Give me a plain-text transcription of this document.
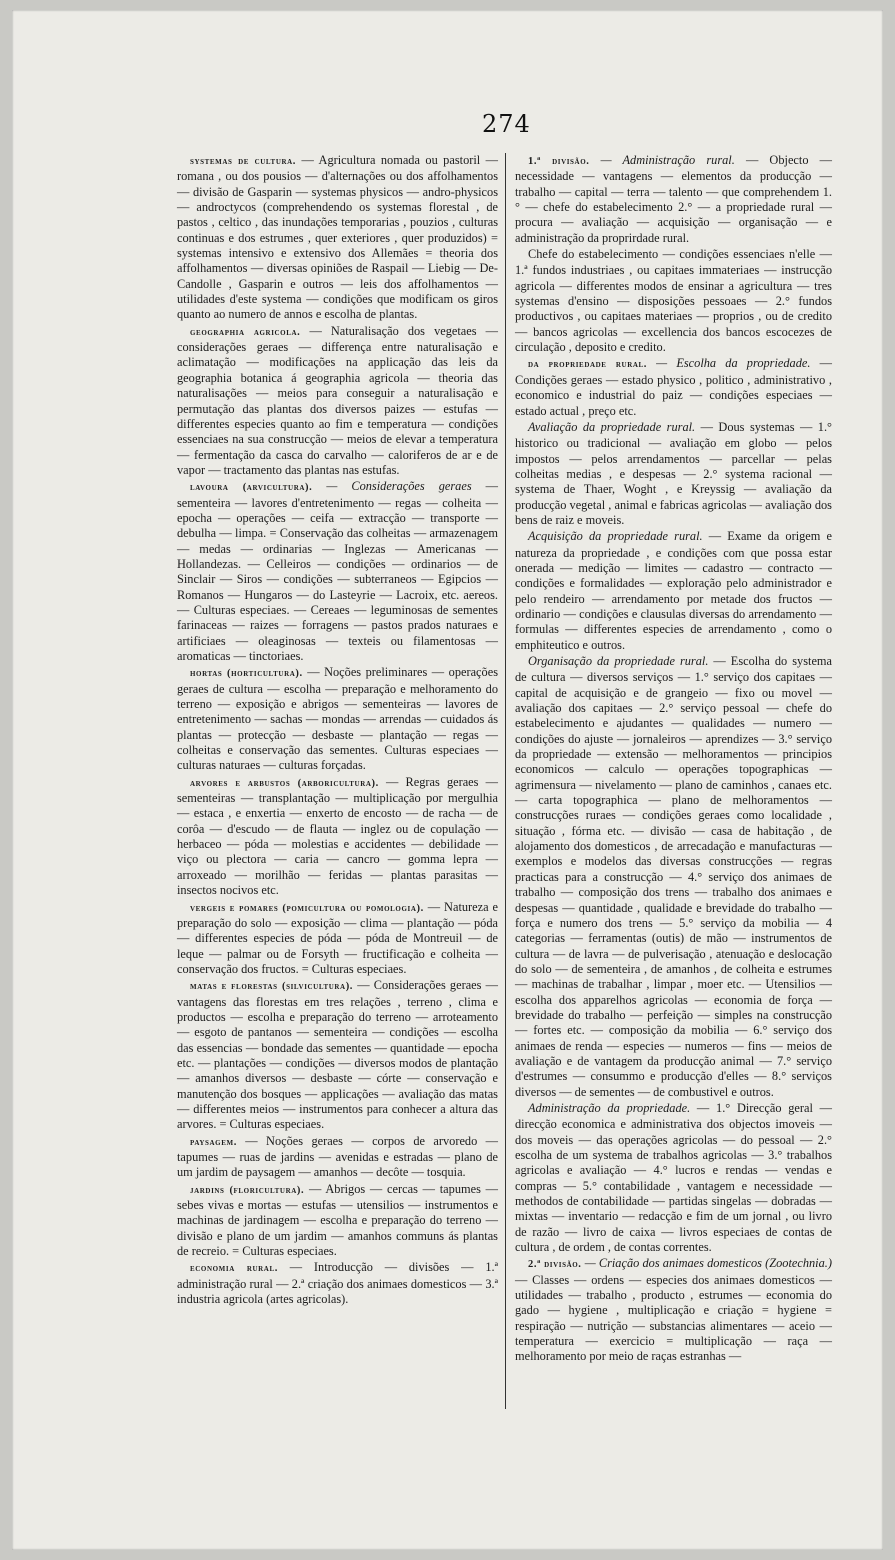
274

systemas de cultura. — Agricultura nomada ou pastoril — romana , ou dos pousios — d'alternações ou dos affolhamentos — divisão de Gasparin — systemas physicos — andro-physicos — androctycos (comprehendendo os systemas florestal , de pastos , celtico , das inundações temporarias , pouzios , culturas continuas e dos estrumes , quer exteriores , quer produzidos) = systemas intensivo e extensivo dos Allemães = theoria dos affolhamentos — diversas opiniões de Raspail — Liebig — De-Candolle , Gasparin e outros — leis dos affolhamentos — utilidades d'este systema — condições que modificam os giros quanto ao numero de annos e escolha de plantas.

geographia agricola. — Naturalisação dos vegetaes — considerações geraes — differença entre naturalisação e aclimatação — modificações na applicação das leis da geographia botanica á geographia agricola — theoria das naturalisações — meios para conseguir a naturalisação e permutação das plantas dos diversos paizes — estufas — differentes especies quanto ao fim e temperatura — condições essenciaes na sua construcção — meios de elevar a temperatura — fermentação da casca do carvalho — caloriferos de ar e de vapor — tractamento das plantas nas estufas.

lavoura (arvicultura). — Considerações geraes — sementeira — lavores d'entretenimento — regas — colheita — epocha — operações — ceifa — extracção — transporte — debulha — limpa. = Conservação das colheitas — armazenagem — medas — ordinarias — Inglezas — Americanas — Hollandezas. — Celleiros — condições — ordinarios — de Sinclair — Siros — condições — subterraneos — Egipcios — Romanos — Hungaros — do Lasteyrie — Lacroix, etc. aereos. — Culturas especiaes. — Cereaes — leguminosas de sementes farinaceas — raizes — forragens — pastos prados naturaes e artificiaes — oleaginosas — texteis ou filamentosas — aromaticas — tinctoriaes.

hortas (horticultura). — Noções preliminares — operações geraes de cultura — escolha — preparação e melhoramento do terreno — exposição e abrigos — sementeiras — lavores de entretenimento — sachas — mondas — arrendas — cuidados ás plantas — protecção — desbaste — plantação — regas — colheitas e conservação das sementes. Culturas especiaes — culturas naturaes — culturas forçadas.

arvores e arbustos (arboricultura). — Regras geraes — sementeiras — transplantação — multiplicação por mergulhia — estaca , e enxertia — enxerto de encosto — de racha — de corôa — d'escudo — de flauta — inglez ou de copulação — herbaceo — póda — molestias e accidentes — debilidade — viço ou plectora — caria — cancro — gomma lepra — arroxeado — morilhão — feridas — plantas parasitas — insectos nocivos etc.

vergeis e pomares (pomicultura ou pomologia). — Natureza e preparação do solo — exposição — clima — plantação — póda — differentes especies de póda — póda de Montreuil — de leque — palmar ou de Forsyth — fructificação e colheita — conservação dos fructos. = Culturas especiaes.

matas e florestas (silvicultura). — Considerações geraes — vantagens das florestas em tres relações , terreno , clima e productos — escolha e preparação do terreno — arroteamento — esgoto de pantanos — sementeira — condições — escolha das essencias — bondade das sementes — quantidade — epocha etc. — plantações — condições — diversos modos de plantação — amanhos diversos — desbaste — córte — conservação e manutenção dos bosques — applicações — avaliação das matas — differentes meios — instrumentos para conhecer a altura das arvores. = Culturas especiaes.

paysagem. — Noções geraes — corpos de arvoredo — tapumes — ruas de jardins — avenidas e estradas — plano de um jardim de paysagem — amanhos — decôte — tosquia.

jardins (floricultura). — Abrigos — cercas — tapumes — sebes vivas e mortas — estufas — utensilios — instrumentos e machinas de jardinagem — escolha e preparação do terreno — divisão e plano de um jardim — amanhos communs ás plantas de recreio. = Culturas especiaes.

economia rural. — Introducção — divisões — 1.ª administração rural — 2.ª criação dos animaes domesticos — 3.ª industria agricola (artes agricolas).

1.ª divisão. — Administração rural. — Objecto — necessidade — vantagens — elementos da producção — trabalho — capital — terra — talento — que comprehendem 1.° — chefe do estabelecimento 2.° — a propriedade rural — procura — avaliação — acquisição — organisação — e administração da proprirdade rural.

Chefe do estabelecimento — condições essenciaes n'elle — 1.ª fundos industriaes , ou capitaes immateriaes — instrucção agricola — differentes modos de ensinar a agricultura — tres systemas d'ensino — disposições pessoaes — 2.° fundos productivos , ou capitaes materiaes — proprios , ou de credito — bancos agricolas — excellencia dos bancos escocezes de circulação , deposito e credito.

da propriedade rural. — Escolha da propriedade. — Condições geraes — estado physico , politico , administrativo , economico e industrial do paiz — condições especiaes — estado actual , preço etc.

Avaliação da propriedade rural. — Dous systemas — 1.° historico ou tradicional — avaliação em globo — pelos impostos — pelos arrendamentos — parcellar — pelas colheitas medias , e despesas — 2.° systema racional — systema de Thaer, Woght , e Kreyssig — avaliação da producção vegetal , animal e fabricas agricolas — avaliação dos bens de raiz e moveis.

Acquisição da propriedade rural. — Exame da origem e natureza da propriedade , e condições com que possa estar onerada — medição — limites — cadastro — contracto — condições e formalidades — exploração pelo administrador e pelo rendeiro — arrendamento por metade dos fructos — ordinario — condições e clausulas diversas do arrendamento — formulas — differentes especies de arrendamento , como o emphiteutico e outros.

Organisação da propriedade rural. — Escolha do systema de cultura — diversos serviços — 1.° serviço dos capitaes — capital de acquisição e de grangeio — fixo ou movel — avaliação dos capitaes — 2.° serviço pessoal — chefe do estabelecimento e ajudantes — qualidades — numero — condições do ajuste — jornaleiros — aprendizes — 3.° serviço da propriedade — extensão — melhoramentos — principios economicos — calculo — operações topographicas — agrimensura — nivelamento — plano de caminhos , canaes etc. — carta topographica — plano de melhoramentos — construcções ruraes — condições geraes como localidade , situação , fórma etc. — divisão — casa de habitação , de alojamento dos domesticos , de arrecadação e manufacturas — exemplos e modelos das diversas construcções — regras practicas para a construcção — 4.° serviço dos animaes de trabalho — composição dos trens — trabalho dos animaes e despesas — quantidade , qualidade e brevidade do trabalho — força e numero dos trens — 5.° serviço da mobilia — 4 categorias — ferramentas (outis) de mão — instrumentos de cultura — de lavra — de pulverisação , atenuação e deslocação do solo — de sementeira , de amanhos , de colheita e estrumes — machinas de trabalhar , limpar , moer etc. — Utensilios — escolha dos apparelhos agricolas — economia de força — brevidade do trabalho — perfeição — simples na construcção — fortes etc. — composição da mobilia — 6.° serviço dos animaes de renda — especies — numeros — fins — meios de avaliação e de vantagem da producção animal — 7.° serviço d'estrumes — consummo e producção d'elles — 8.° serviços diversos — de sementes — de combustivel e outros.

Administração da propriedade. — 1.° Direcção geral — direcção economica e administrativa dos objectos imoveis — dos moveis — das operações agricolas — do pessoal — 2.° escolha de um systema de trabalhos agricolas — 3.° trabalhos agricolas e avaliação — 4.° lucros e rendas — vendas e compras — 5.° contabilidade , vantagem e necessidade — methodos de contabilidade — partidas singelas — dobradas — mixtas — inventario — redacção e fim de um jornal , ou livro de razão — livro de caixa — livros especiaes de contas de cultura , de ordem , de contas correntes.

2.ª divisão. — Criação dos animaes domesticos (Zootechnia.) — Classes — ordens — especies dos animaes domesticos — utilidades — trabalho , producto , estrumes — economia do gado — hygiene , multiplicação e criação = hygiene = respiração — nutrição — substancias alimentares — aceio — temperatura — exercicio = multiplicação — raça — melhoramento por meio de raças estranhas —
